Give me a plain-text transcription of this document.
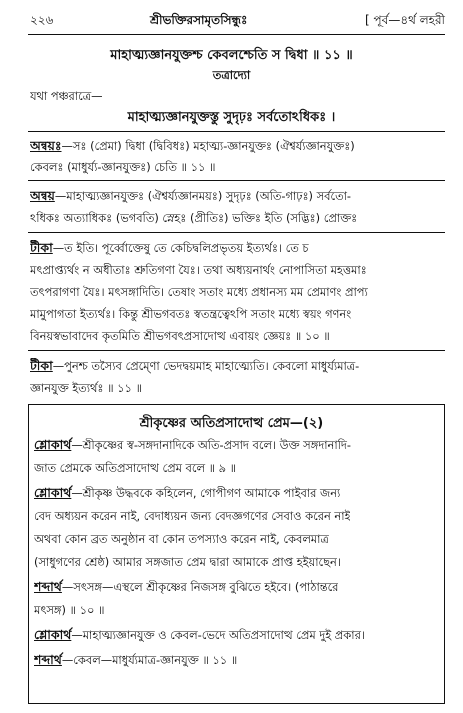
২২৬	শ্রীভক্তিরসামৃতসিন্ধুঃ	[ পূর্ব—৪র্থ লহরী
মাহাত্ম্যজ্ঞানযুক্তশ্চ কেবলশ্চেতি স দ্বিধা ॥ ১১ ॥
তত্রাদ্যো
যথা পঞ্চরাত্রে—
মাহাত্ম্যজ্ঞানযুক্তস্তু সুদৃঢ়ঃ সর্বতোঽধিকঃ ।
অন্বয়ঃ—সঃ (প্রেমা) দ্বিধা (দ্বিবিধঃ) মহাত্ম্য-জ্ঞানযুক্তঃ (ঐশ্বর্য্যজ্ঞানযুক্তঃ)
কেবলঃ (মাধুর্য্য-জ্ঞানযুক্তঃ) চেতি ॥ ১১ ॥
অন্বয়—মাহাত্ম্যজ্ঞানযুক্তঃ (ঐশ্বর্য্যজ্ঞানময়ঃ) সুদৃঢ়ঃ (অতি-গাঢ়ঃ) সর্বতো-
ঽধিকঃ অত্যাধিকঃ (ভগবতি) স্নেহঃ (প্রীতিঃ) ভক্তিঃ ইতি (সদ্ভিঃ) প্রোক্তঃ
টীকা—ত ইতি। পূর্ব্বোক্তেষু তে কেচিদ্বলিপ্রভৃতয় ইত্যর্থঃ। তে চ
মৎপ্রাপ্ত্যর্থং ন অধীতাঃ শ্রুতিগণা যৈঃ। তথা অধ্যয়নার্থং নোপাসিতা মহত্তমাঃ
তৎপরাগণা যৈঃ। মৎসঙ্গাদিতি। তেষাং সতাং মধ্যে প্রধানস্য মম প্রেমাণং প্রাপ্য
মামুপাগতা ইত্যর্থঃ। কিন্তু শ্রীভগবতঃ স্বতন্ত্রত্বেঽপি সতাং মধ্যে স্বয়ং গণনং
বিনয়স্বভাবাদেব কৃতমিতি শ্রীভগবৎপ্রসাদোত্থ এবায়ং জ্ঞেয়ঃ ॥ ১০ ॥
টীকা—পুনশ্চ তস্যৈব প্রেম্ণো ভেদদ্বয়মাহ মাহাত্ম্যেতি। কেবলো মাধুর্য্যমাত্র-
জ্ঞানযুক্ত ইত্যর্থঃ ॥ ১১ ॥
শ্রীকৃষ্ণের অতিপ্রসাদোত্থ প্রেম—(২)
শ্লোকার্থ—শ্রীকৃষ্ণের স্ব-সঙ্গদানাদিকে অতি-প্রসাদ বলে। উক্ত সঙ্গদানাদি-
জাত প্রেমকে অতিপ্রসাদোত্থ প্রেম বলে ॥ ৯ ॥
শ্লোকার্থ—শ্রীকৃষ্ণ উদ্ধবকে কহিলেন, গোপীগণ আমাকে পাইবার জন্য
বেদ অধ্যয়ন করেন নাই, বেদাধ্যয়ন জন্য বেদজ্ঞগণের সেবাও করেন নাই
অথবা কোন ব্রত অনুষ্ঠান বা কোন তপস্যাও করেন নাই, কেবলমাত্র
(সাধুগণের শ্রেষ্ঠ) আমার সঙ্গজাত প্রেম দ্বারা আমাকে প্রাপ্ত হইয়াছেন।
শব্দার্থ—সৎসঙ্গ—এস্থলে শ্রীকৃষ্ণের নিজসঙ্গ বুঝিতে হইবে। (পাঠান্তরে
মৎসঙ্গ) ॥ ১০ ॥
শ্লোকার্থ—মাহাত্ম্যজ্ঞানযুক্ত ও কেবল-ভেদে অতিপ্রসাদোত্থ প্রেম দুই প্রকার।
শব্দার্থ—কেবল—মাধুর্য্যমাত্র-জ্ঞানযুক্ত ॥ ১১ ॥
